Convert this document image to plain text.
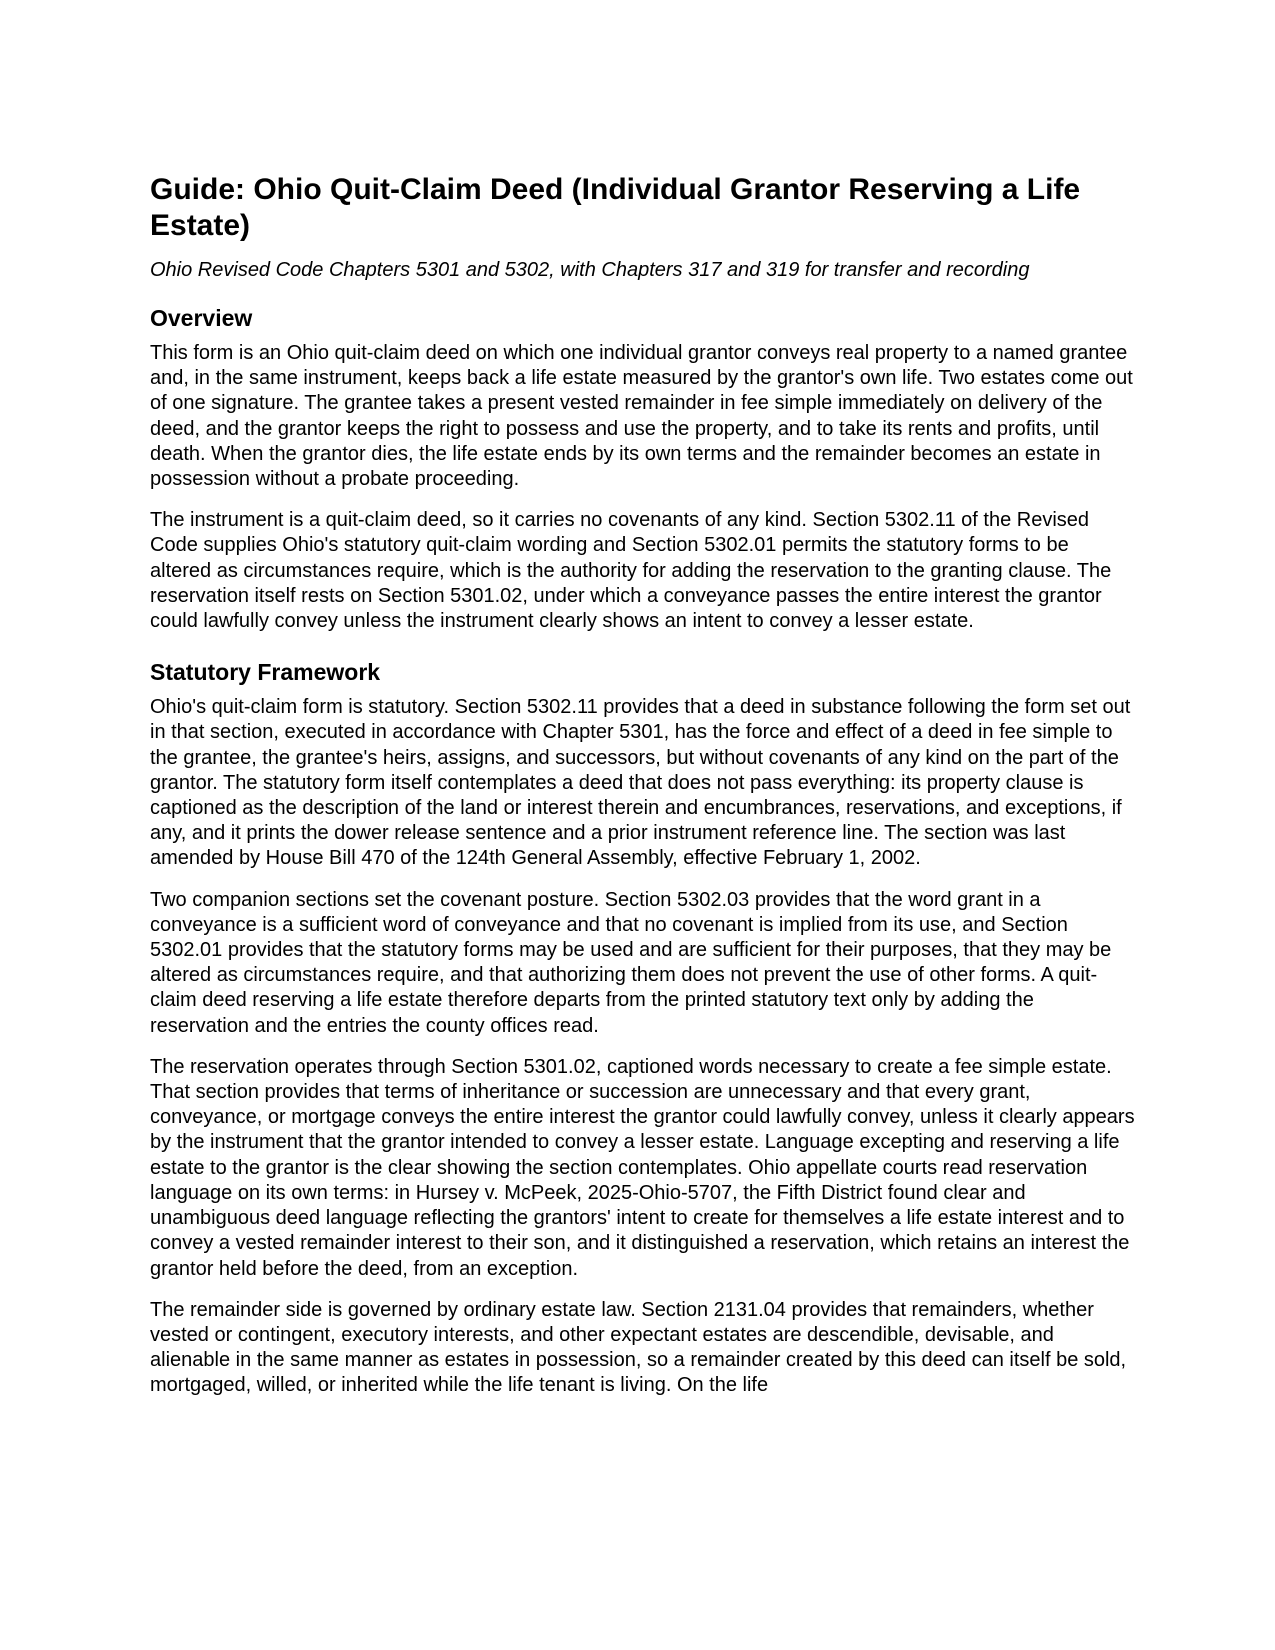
Guide: Ohio Quit-Claim Deed (Individual Grantor Reserving a Life Estate)
Ohio Revised Code Chapters 5301 and 5302, with Chapters 317 and 319 for transfer and recording
Overview

This form is an Ohio quit-claim deed on which one individual grantor conveys real property to a named grantee and, in the same instrument, keeps back a life estate measured by the grantor's own life. Two estates come out of one signature. The grantee takes a present vested remainder in fee simple immediately on delivery of the deed, and the grantor keeps the right to possess and use the property, and to take its rents and profits, until death. When the grantor dies, the life estate ends by its own terms and the remainder becomes an estate in possession without a probate proceeding.

The instrument is a quit-claim deed, so it carries no covenants of any kind. Section 5302.11 of the Revised Code supplies Ohio's statutory quit-claim wording and Section 5302.01 permits the statutory forms to be altered as circumstances require, which is the authority for adding the reservation to the granting clause. The reservation itself rests on Section 5301.02, under which a conveyance passes the entire interest the grantor could lawfully convey unless the instrument clearly shows an intent to convey a lesser estate.

Statutory Framework

Ohio's quit-claim form is statutory. Section 5302.11 provides that a deed in substance following the form set out in that section, executed in accordance with Chapter 5301, has the force and effect of a deed in fee simple to the grantee, the grantee's heirs, assigns, and successors, but without covenants of any kind on the part of the grantor. The statutory form itself contemplates a deed that does not pass everything: its property clause is captioned as the description of the land or interest therein and encumbrances, reservations, and exceptions, if any, and it prints the dower release sentence and a prior instrument reference line. The section was last amended by House Bill 470 of the 124th General Assembly, effective February 1, 2002.

Two companion sections set the covenant posture. Section 5302.03 provides that the word grant in a conveyance is a sufficient word of conveyance and that no covenant is implied from its use, and Section 5302.01 provides that the statutory forms may be used and are sufficient for their purposes, that they may be altered as circumstances require, and that authorizing them does not prevent the use of other forms. A quit-claim deed reserving a life estate therefore departs from the printed statutory text only by adding the reservation and the entries the county offices read.

The reservation operates through Section 5301.02, captioned words necessary to create a fee simple estate. That section provides that terms of inheritance or succession are unnecessary and that every grant, conveyance, or mortgage conveys the entire interest the grantor could lawfully convey, unless it clearly appears by the instrument that the grantor intended to convey a lesser estate. Language excepting and reserving a life estate to the grantor is the clear showing the section contemplates. Ohio appellate courts read reservation language on its own terms: in Hursey v. McPeek, 2025-Ohio-5707, the Fifth District found clear and unambiguous deed language reflecting the grantors' intent to create for themselves a life estate interest and to convey a vested remainder interest to their son, and it distinguished a reservation, which retains an interest the grantor held before the deed, from an exception.

The remainder side is governed by ordinary estate law. Section 2131.04 provides that remainders, whether vested or contingent, executory interests, and other expectant estates are descendible, devisable, and alienable in the same manner as estates in possession, so a remainder created by this deed can itself be sold, mortgaged, willed, or inherited while the life tenant is living. On the life
